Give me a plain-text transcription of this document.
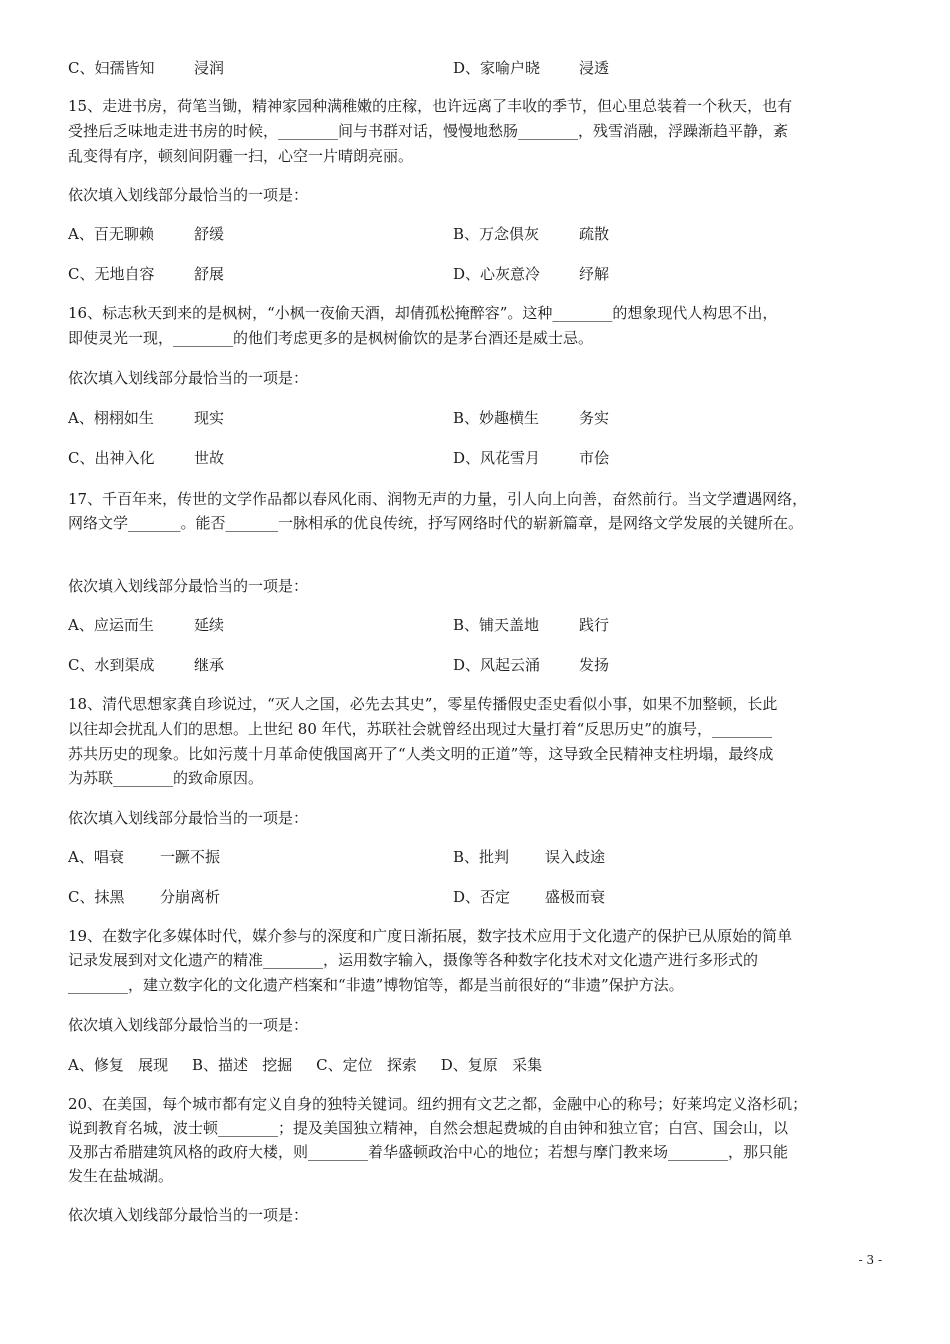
C、妇孺皆知	浸润	D、家喻户晓	浸透
15、走进书房，荷笔当锄，精神家园种满稚嫩的庄稼，也许远离了丰收的季节，但心里总装着一个秋天，也有
受挫后乏味地走进书房的时候，________间与书群对话，慢慢地愁肠________，残雪消融，浮躁渐趋平静，紊
乱变得有序，顿刻间阴霾一扫，心空一片晴朗亮丽。
依次填入划线部分最恰当的一项是：
A、百无聊赖	舒缓	B、万念俱灰	疏散
C、无地自容	舒展	D、心灰意冷	纾解
16、标志秋天到来的是枫树，“小枫一夜偷天酒，却倩孤松掩醉容”。这种________的想象现代人构思不出，
即使灵光一现，________的他们考虑更多的是枫树偷饮的是茅台酒还是威士忌。
依次填入划线部分最恰当的一项是：
A、栩栩如生	现实	B、妙趣横生	务实
C、出神入化	世故	D、风花雪月	市侩
17、千百年来，传世的文学作品都以春风化雨、润物无声的力量，引人向上向善，奋然前行。当文学遭遇网络，
网络文学_______。能否_______一脉相承的优良传统，抒写网络时代的崭新篇章，是网络文学发展的关键所在。
依次填入划线部分最恰当的一项是：
A、应运而生	延续	B、铺天盖地	践行
C、水到渠成	继承	D、风起云涌	发扬
18、清代思想家龚自珍说过，“灭人之国，必先去其史”，零星传播假史歪史看似小事，如果不加整顿，长此
以往却会扰乱人们的思想。上世纪 80 年代，苏联社会就曾经出现过大量打着“反思历史”的旗号，________
苏共历史的现象。比如污蔑十月革命使俄国离开了“人类文明的正道”等，这导致全民精神支柱坍塌，最终成
为苏联________的致命原因。
依次填入划线部分最恰当的一项是：
A、唱衰 一蹶不振	B、批判 误入歧途
C、抹黑 分崩离析	D、否定 盛极而衰
19、在数字化多媒体时代，媒介参与的深度和广度日渐拓展，数字技术应用于文化遗产的保护已从原始的简单
记录发展到对文化遗产的精准________，运用数字输入，摄像等各种数字化技术对文化遗产进行多形式的
________，建立数字化的文化遗产档案和“非遗”博物馆等，都是当前很好的“非遗”保护方法。
依次填入划线部分最恰当的一项是：
A、修复   展现     B、描述   挖掘     C、定位   探索     D、复原   采集
20、在美国，每个城市都有定义自身的独特关键词。纽约拥有文艺之都，金融中心的称号；好莱坞定义洛杉矶；
说到教育名城，波士顿________；提及美国独立精神，自然会想起费城的自由钟和独立官；白宫、国会山，以
及那古希腊建筑风格的政府大楼，则________着华盛顿政治中心的地位；若想与摩门教来场________，那只能
发生在盐城湖。
依次填入划线部分最恰当的一项是：
- 3 -
